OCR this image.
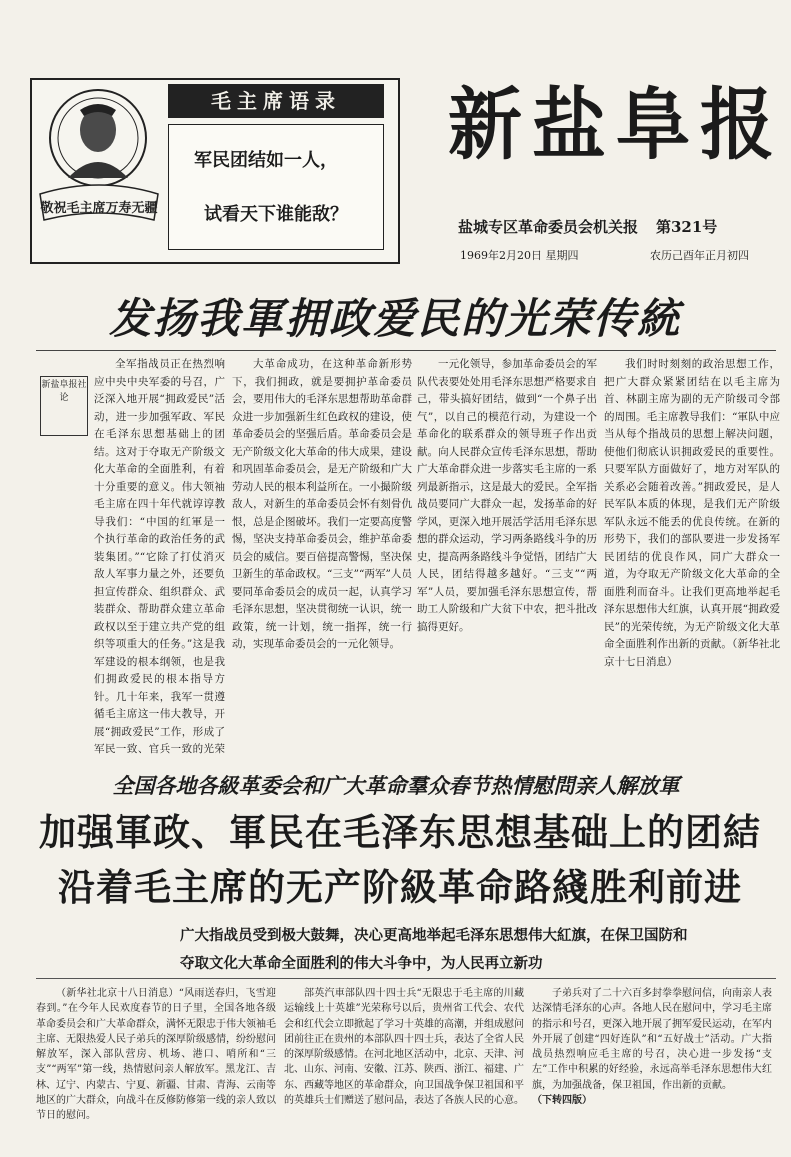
敬祝毛主席万寿无疆
毛主席语录
军民团结如一人，
试看天下谁能敌？
新盐阜报
盐城专区革命委员会机关报 第321号
1969年2月20日 星期四	农历己酉年正月初四
发扬我軍拥政爱民的光荣传統
新盐阜报社论
全军指战员正在热烈响应中央中央军委的号召，广泛深入地开展“拥政爱民”活动，进一步加强军政、军民在毛泽东思想基础上的团结。这对于夺取无产阶级文化大革命的全面胜利，有着十分重要的意义。伟大领袖毛主席在四十年代就谆谆教导我们：“中国的红軍是一个执行革命的政治任务的武装集团。”“它除了打仗消灭敌人军事力量之外，还要负担宣传群众、组织群众、武装群众、帮助群众建立革命政权以至于建立共产党的组织等项重大的任务。”这是我军建设的根本纲领，也是我们拥政爱民的根本指导方针。几十年来，我军一贯遵循毛主席这一伟大教导，开展“拥政爱民”工作，形成了军民一致、官兵一致的光荣
大革命成功，在这种革命新形势下，我们拥政，就是要拥护革命委员会，要用伟大的毛泽东思想帮助革命群众进一步加强新生红色政权的建设，使革命委员会的坚强后盾。革命委员会是无产阶级文化大革命的伟大成果，建设和巩固革命委员会，是无产阶级和广大劳动人民的根本利益所在。一小撮阶级敌人，对新生的革命委员会怀有刻骨仇恨，总是企图破坏。我们一定要高度警惕，坚决支持革命委员会，维护革命委员会的威信。要百倍提高警惕，坚决保卫新生的革命政权。“三支”“两军”人员要同革命委员会的成员一起，认真学习毛泽东思想，坚决贯彻统一认识，统一政策，统一计划，统一指挥，统一行动，实现革命委员会的一元化领导。
一元化领导，参加革命委员会的军队代表要处处用毛泽东思想严格要求自己，带头搞好团结，做到“一个鼻子出气”，以自己的模范行动，为建设一个革命化的联系群众的领导班子作出贡献。向人民群众宣传毛泽东思想，帮助广大革命群众进一步落实毛主席的一系列最新指示，这是最大的爱民。全军指战员要同广大群众一起，发扬革命的好学风，更深入地开展活学活用毛泽东思想的群众运动，学习两条路线斗争的历史，提高两条路线斗争觉悟，团结广大人民，团结得越多越好。“三支”“两军”人员，要加强毛泽东思想宣传，帮助工人阶级和广大贫下中农，把斗批改搞得更好。
我们时时刻刻的政治思想工作，把广大群众紧紧团结在以毛主席为首、林副主席为副的无产阶级司令部的周围。毛主席教导我们：“軍队中应当从每个指战员的思想上解决问题，使他们彻底认识拥政爱民的重要性。只要军队方面做好了，地方对军队的关系必会随着改善。”拥政爱民，是人民军队本质的体现，是我们无产阶级军队永远不能丢的优良传统。在新的形势下，我们的部队要进一步发扬军民团结的优良作风，同广大群众一道，为夺取无产阶级文化大革命的全面胜利而奋斗。让我们更高地举起毛泽东思想伟大红旗，认真开展“拥政爱民”的光荣传统，为无产阶级文化大革命全面胜利作出新的贡献。（新华社北京十七日消息）
全国各地各級革委会和广大革命羣众春节热情慰問亲人解放軍
加强軍政、軍民在毛泽东思想基础上的团結
沿着毛主席的无产阶級革命路綫胜利前进
广大指战员受到极大鼓舞，决心更高地举起毛泽东思想伟大紅旗，在保卫国防和
夺取文化大革命全面胜利的伟大斗争中，为人民再立新功
（新华社北京十八日消息）“风雨送春归，飞雪迎春到。”在今年人民欢度春节的日子里，全国各地各级革命委员会和广大革命群众，满怀无限忠于伟大领袖毛主席、无限热爱人民子弟兵的深厚阶级感情，纷纷慰问解放军，深入部队营房、机场、港口、哨所和“三支”“两军”第一线，热情慰问亲人解放军。黑龙江、吉林、辽宁、内蒙古、宁夏、新疆、甘肃、青海、云南等地区的广大群众，向战斗在反修防修第一线的亲人致以节日的慰问。
部英汽車部队四十四士兵“无限忠于毛主席的川藏运输线上十英雄”光荣称号以后，贵州省工代会、农代会和红代会立即掀起了学习十英雄的高潮，并组成慰问团前往正在贵州的本部队四十四士兵，表达了全省人民的深厚阶级感情。在河北地区活动中，北京、天津、河北、山东、河南、安徽、江苏、陕西、浙江、福建、广东、西藏等地区的革命群众，向卫国战争保卫祖国和平的英雄兵士们赠送了慰问品，表达了各族人民的心意。
子弟兵对了二十六百多封拳拳慰问信，向南亲人表达深情毛泽东的心声。各地人民在慰问中，学习毛主席的指示和号召，更深入地开展了拥军爱民运动，在军内外开展了创建“四好连队”和“五好战士”活动。广大指战员热烈响应毛主席的号召，决心进一步发扬“支左”工作中积累的好经验，永远高举毛泽东思想伟大红旗，为加强战备，保卫祖国，作出新的贡献。
（下转四版）
